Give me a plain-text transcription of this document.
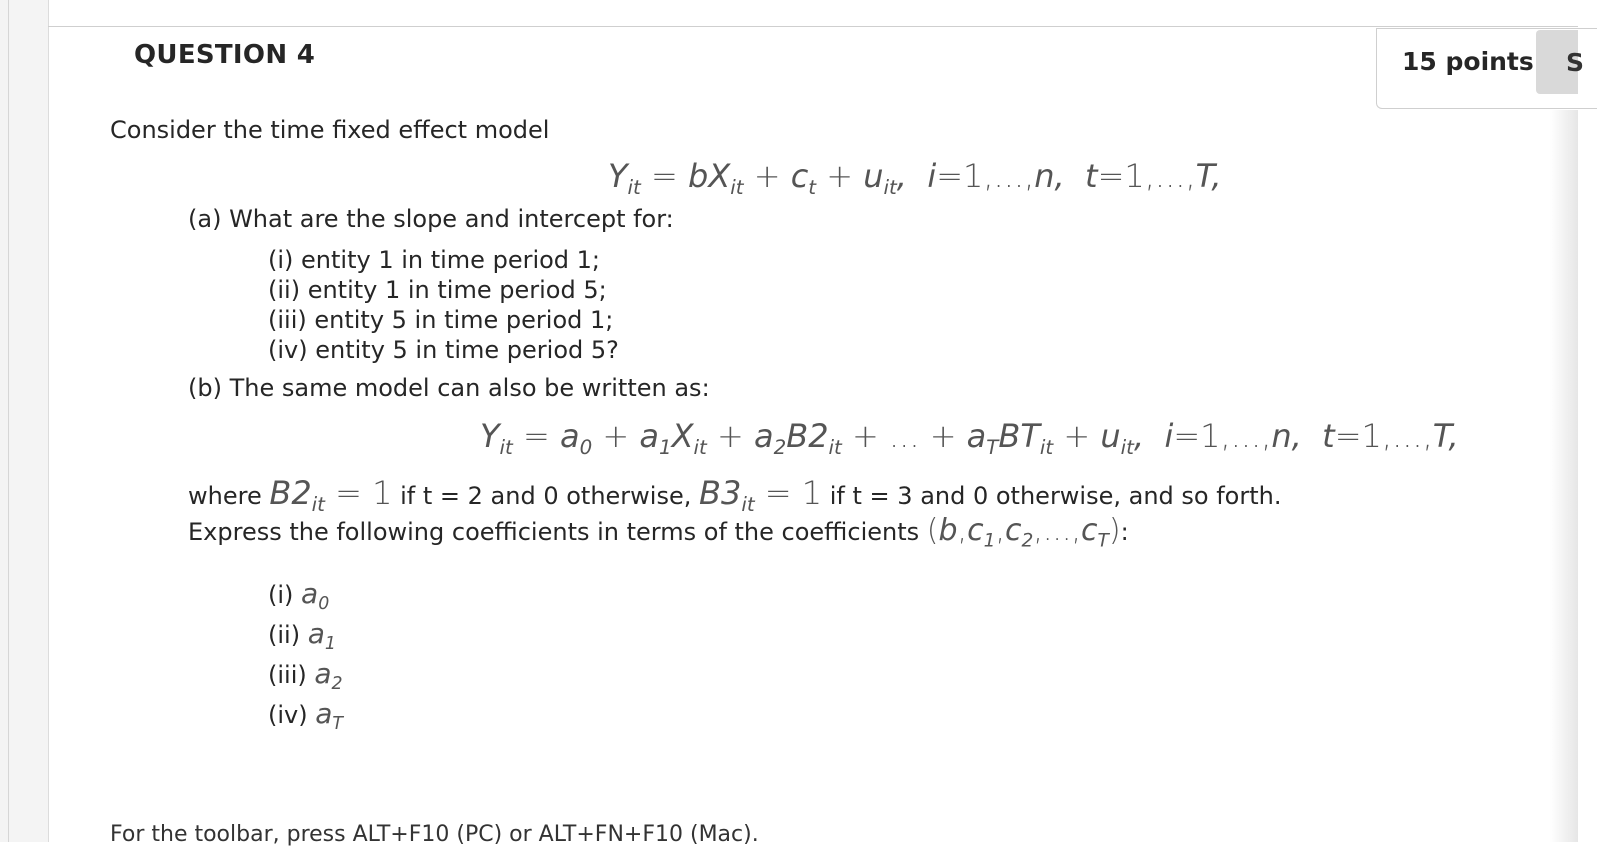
QUESTION 4	15 points S
Consider the time fixed effect model
$Y_{it} = bX_{it} + c_t + u_{it}$,  i=1,...,n,  t=1,...,T,
(a) What are the slope and intercept for:
(i) entity 1 in time period 1;
(ii) entity 1 in time period 5;
(iii) entity 5 in time period 1;
(iv) entity 5 in time period 5?
(b) The same model can also be written as:
$Y_{it} = a_0 + a_1X_{it} + a_2B2_{it}$ + ... + $a_TBT_{it} + u_{it}$,  i=1,...,n,  t=1,...,T,
where $B2_{it} = 1$ if t = 2 and 0 otherwise, $B3_{it} = 1$ if t = 3 and 0 otherwise, and so forth.
Express the following coefficients in terms of the coefficients $(b,c_1,c_2,...,c_T)$:
(i) $a_0$
(ii) $a_1$
(iii) $a_2$
(iv) $a_T$
For the toolbar, press ALT+F10 (PC) or ALT+FN+F10 (Mac).
